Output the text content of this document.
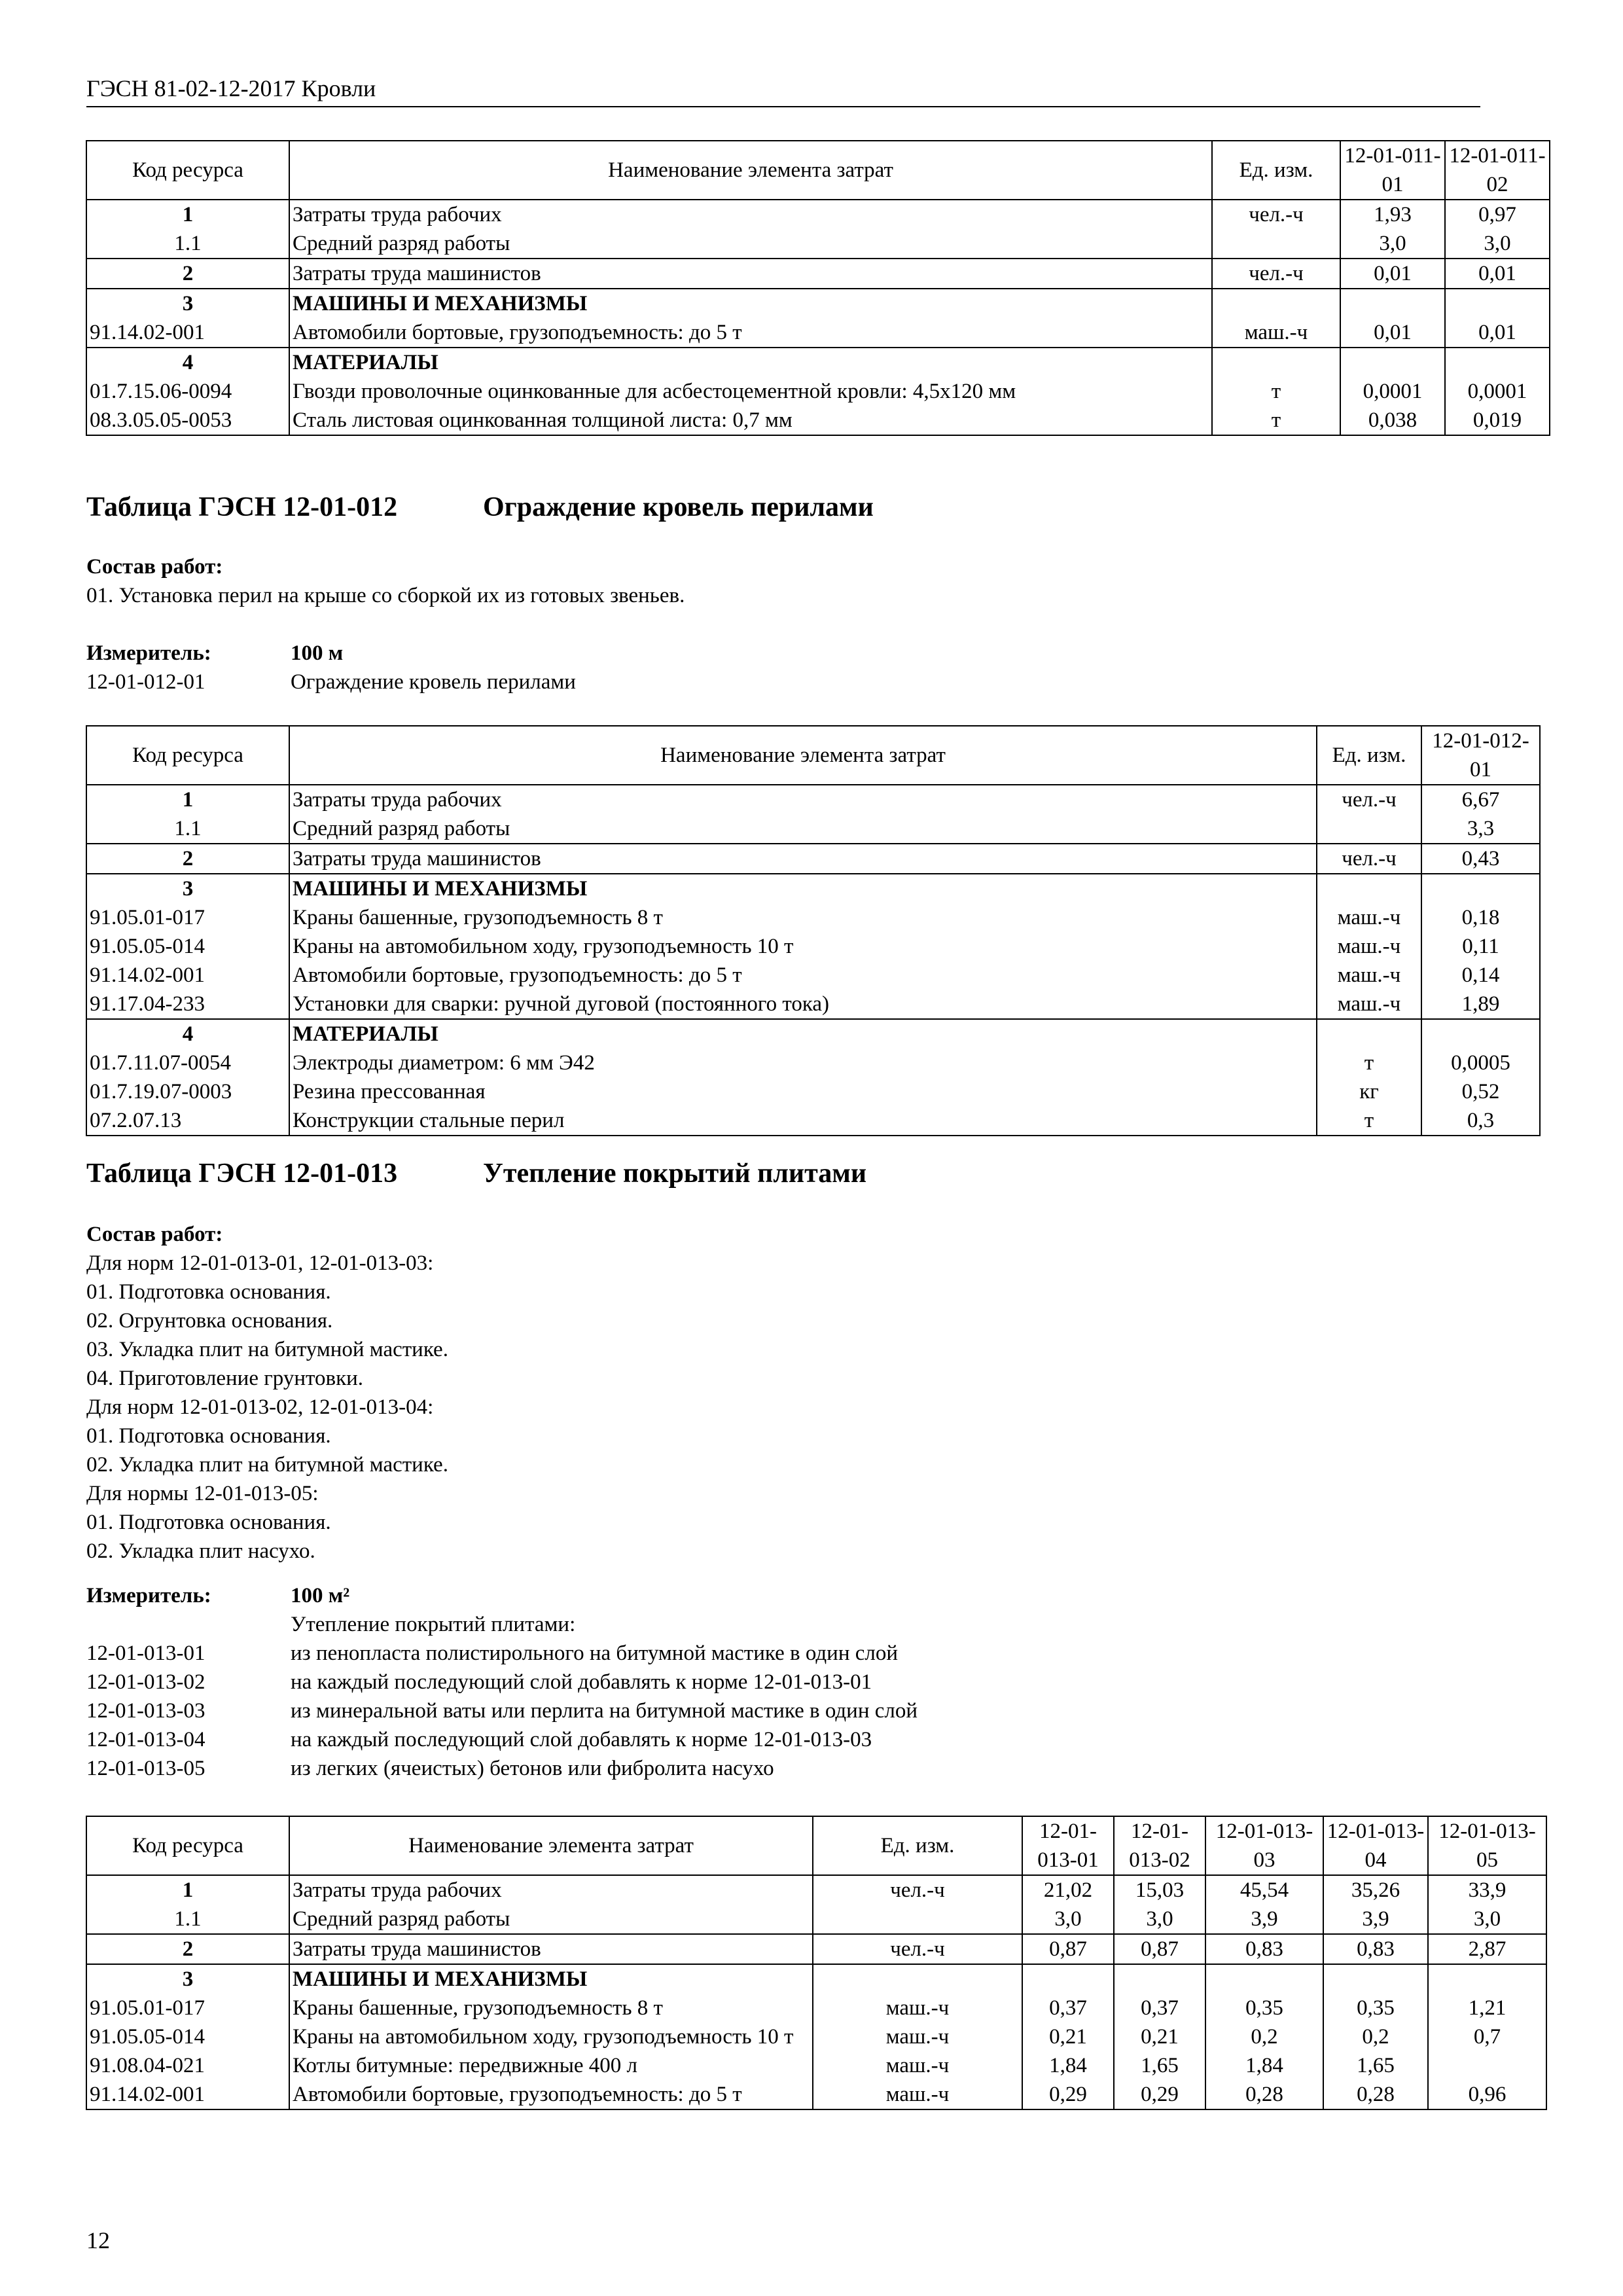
ГЭСН 81-02-12-2017 Кровли
Код ресурса	Наименование элемента затрат	Ед. изм.	12-01-011-01	12-01-011-02
1	Затраты труда рабочих	чел.-ч	1,93	0,97
1.1	Средний разряд работы		3,0	3,0
2	Затраты труда машинистов	чел.-ч	0,01	0,01
3	МАШИНЫ И МЕХАНИЗМЫ			
91.14.02-001	Автомобили бортовые, грузоподъемность: до 5 т	маш.-ч	0,01	0,01
4	МАТЕРИАЛЫ			
01.7.15.06-0094	Гвозди проволочные оцинкованные для асбестоцементной кровли: 4,5x120 мм	т	0,0001	0,0001
08.3.05.05-0053	Сталь листовая оцинкованная толщиной листа: 0,7 мм	т	0,038	0,019
Таблица ГЭСН 12-01-012	Ограждение кровель перилами
Состав работ:
01. Установка перил на крыше со сборкой их из готовых звеньев.
Измеритель:	100 м
12-01-012-01	Ограждение кровель перилами
Код ресурса	Наименование элемента затрат	Ед. изм.	12-01-012-01
1	Затраты труда рабочих	чел.-ч	6,67
1.1	Средний разряд работы		3,3
2	Затраты труда машинистов	чел.-ч	0,43
3	МАШИНЫ И МЕХАНИЗМЫ		
91.05.01-017	Краны башенные, грузоподъемность 8 т	маш.-ч	0,18
91.05.05-014	Краны на автомобильном ходу, грузоподъемность 10 т	маш.-ч	0,11
91.14.02-001	Автомобили бортовые, грузоподъемность: до 5 т	маш.-ч	0,14
91.17.04-233	Установки для сварки: ручной дуговой (постоянного тока)	маш.-ч	1,89
4	МАТЕРИАЛЫ		
01.7.11.07-0054	Электроды диаметром: 6 мм Э42	т	0,0005
01.7.19.07-0003	Резина прессованная	кг	0,52
07.2.07.13	Конструкции стальные перил	т	0,3
Таблица ГЭСН 12-01-013	Утепление покрытий плитами
Состав работ:
Для норм 12-01-013-01, 12-01-013-03:
01. Подготовка основания.
02. Огрунтовка основания.
03. Укладка плит на битумной мастике.
04. Приготовление грунтовки.
Для норм 12-01-013-02, 12-01-013-04:
01. Подготовка основания.
02. Укладка плит на битумной мастике.
Для нормы 12-01-013-05:
01. Подготовка основания.
02. Укладка плит насухо.
Измеритель:	100 м²
Утепление покрытий плитами:
12-01-013-01	из пенопласта полистирольного на битумной мастике в один слой
12-01-013-02	на каждый последующий слой добавлять к норме 12-01-013-01
12-01-013-03	из минеральной ваты или перлита на битумной мастике в один слой
12-01-013-04	на каждый последующий слой добавлять к норме 12-01-013-03
12-01-013-05	из легких (ячеистых) бетонов или фибролита насухо
Код ресурса	Наименование элемента затрат	Ед. изм.	12-01-013-01	12-01-013-02	12-01-013-03	12-01-013-04	12-01-013-05
1	Затраты труда рабочих	чел.-ч	21,02	15,03	45,54	35,26	33,9
1.1	Средний разряд работы		3,0	3,0	3,9	3,9	3,0
2	Затраты труда машинистов	чел.-ч	0,87	0,87	0,83	0,83	2,87
3	МАШИНЫ И МЕХАНИЗМЫ						
91.05.01-017	Краны башенные, грузоподъемность 8 т	маш.-ч	0,37	0,37	0,35	0,35	1,21
91.05.05-014	Краны на автомобильном ходу, грузоподъемность 10 т	маш.-ч	0,21	0,21	0,2	0,2	0,7
91.08.04-021	Котлы битумные: передвижные 400 л	маш.-ч	1,84	1,65	1,84	1,65	
91.14.02-001	Автомобили бортовые, грузоподъемность: до 5 т	маш.-ч	0,29	0,29	0,28	0,28	0,96
12
